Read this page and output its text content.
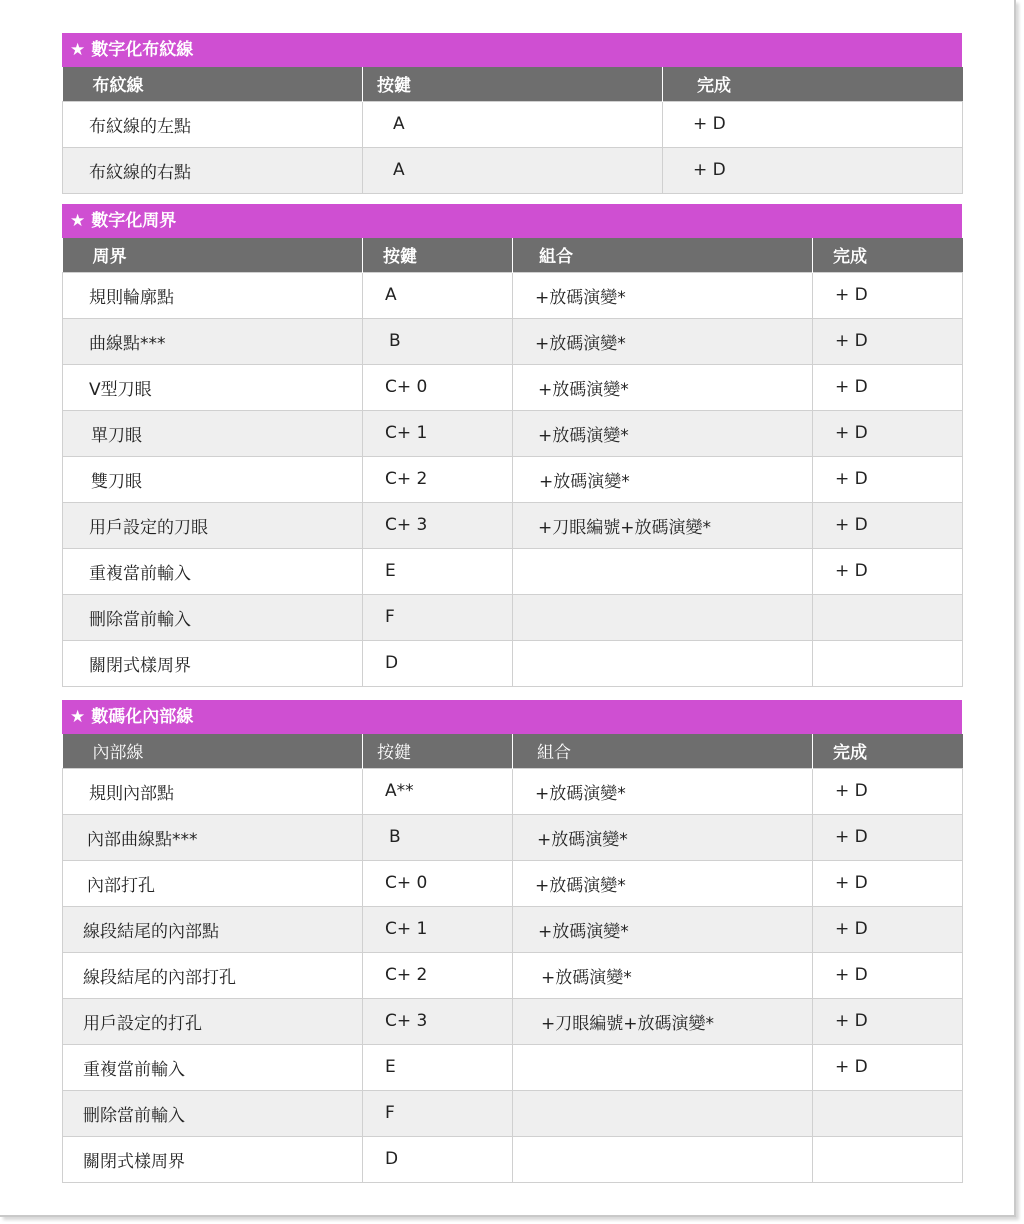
★ 數字化布紋線
布紋線	按鍵	完成
布紋線的左點	A	+ D
布紋線的右點	A	+ D
★ 數字化周界
周界	按鍵	組合	完成
規則輪廓點	A	+放碼演變*	+ D
曲線點***	B	+放碼演變*	+ D
V型刀眼	C+ 0	+放碼演變*	+ D
單刀眼	C+ 1	+放碼演變*	+ D
雙刀眼	C+ 2	+放碼演變*	+ D
用戶設定的刀眼	C+ 3	+刀眼編號+放碼演變*	+ D
重複當前輸入	E		+ D
刪除當前輸入	F		
關閉式樣周界	D		
★ 數碼化內部線
內部線	按鍵	組合	完成
規則內部點	A**	+放碼演變*	+ D
內部曲線點***	B	+放碼演變*	+ D
內部打孔	C+ 0	+放碼演變*	+ D
線段結尾的內部點	C+ 1	+放碼演變*	+ D
線段結尾的內部打孔	C+ 2	+放碼演變*	+ D
用戶設定的打孔	C+ 3	+刀眼編號+放碼演變*	+ D
重複當前輸入	E		+ D
刪除當前輸入	F		
關閉式樣周界	D		
